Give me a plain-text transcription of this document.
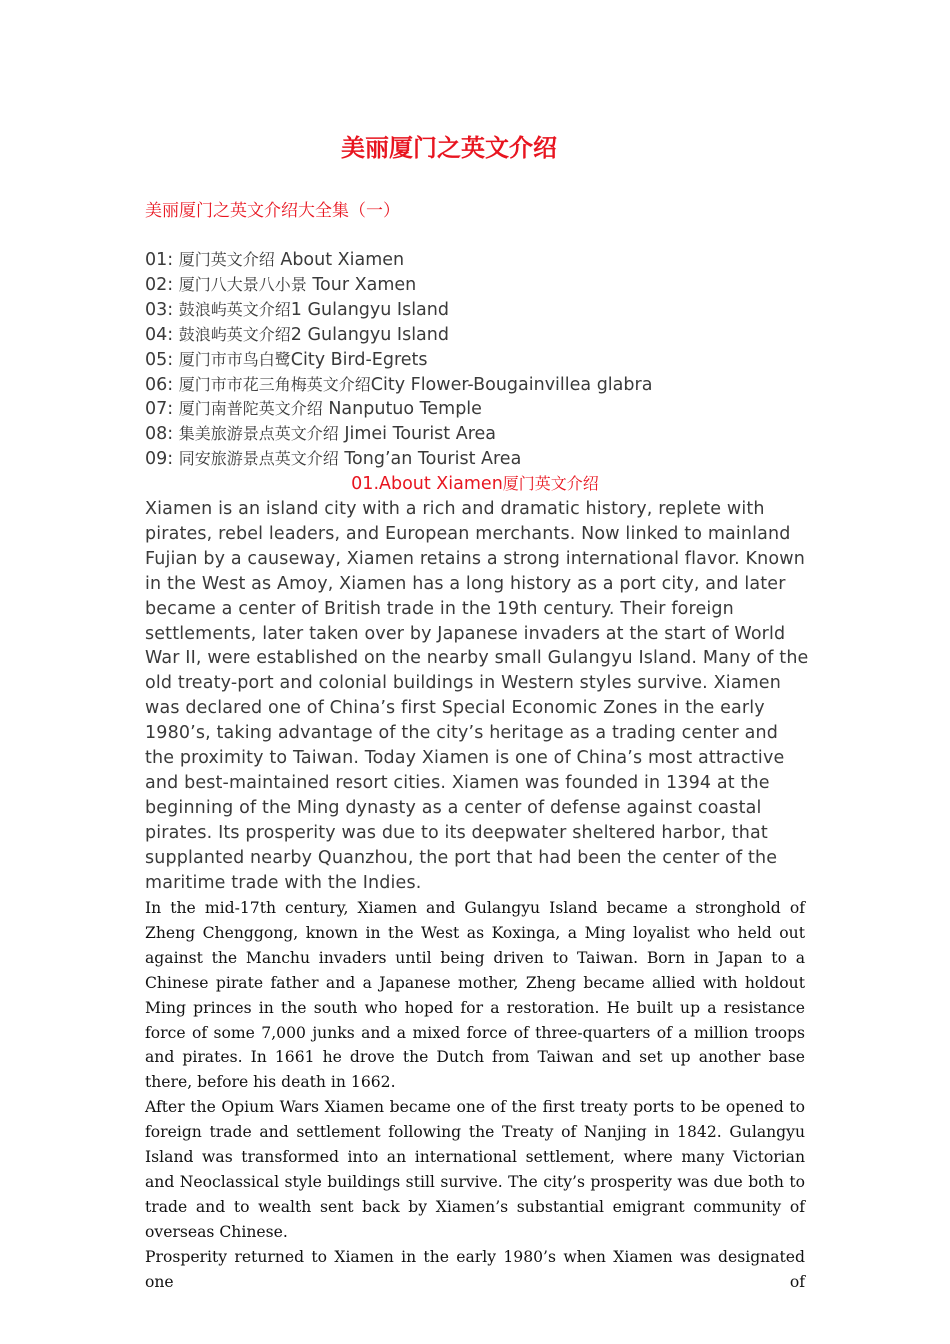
美丽厦门之英文介绍
美丽厦门之英文介绍大全集（一）
01: 厦门英文介绍 About Xiamen
02: 厦门八大景八小景 Tour Xamen
03: 鼓浪屿英文介绍1 Gulangyu Island
04: 鼓浪屿英文介绍2 Gulangyu Island
05: 厦门市市鸟白鹭City Bird-Egrets
06: 厦门市市花三角梅英文介绍City Flower-Bougainvillea glabra
07: 厦门南普陀英文介绍 Nanputuo Temple
08: 集美旅游景点英文介绍 Jimei Tourist Area
09: 同安旅游景点英文介绍 Tong’an Tourist Area
01.About Xiamen厦门英文介绍

Xiamen is an island city with a rich and dramatic history, replete with pirates, rebel leaders, and European merchants. Now linked to mainland Fujian by a causeway, Xiamen retains a strong international flavor. Known in the West as Amoy, Xiamen has a long history as a port city, and later became a center of British trade in the 19th century. Their foreign settlements, later taken over by Japanese invaders at the start of World War II, were established on the nearby small Gulangyu Island. Many of the old treaty-port and colonial buildings in Western styles survive. Xiamen was declared one of China’s first Special Economic Zones in the early 1980’s, taking advantage of the city’s heritage as a trading center and the proximity to Taiwan. Today Xiamen is one of China’s most attractive and best-maintained resort cities. Xiamen was founded in 1394 at the beginning of the Ming dynasty as a center of defense against coastal pirates. Its prosperity was due to its deepwater sheltered harbor, that supplanted nearby Quanzhou, the port that had been the center of the maritime trade with the Indies.

In the mid-17th century, Xiamen and Gulangyu Island became a stronghold of Zheng Chenggong, known in the West as Koxinga, a Ming loyalist who held out against the Manchu invaders until being driven to Taiwan. Born in Japan to a Chinese pirate father and a Japanese mother, Zheng became allied with holdout Ming princes in the south who hoped for a restoration. He built up a resistance force of some 7,000 junks and a mixed force of three-quarters of a million troops and pirates. In 1661 he drove the Dutch from Taiwan and set up another base there, before his death in 1662.

After the Opium Wars Xiamen became one of the first treaty ports to be opened to foreign trade and settlement following the Treaty of Nanjing in 1842. Gulangyu Island was transformed into an international settlement, where many Victorian and Neoclassical style buildings still survive. The city’s prosperity was due both to trade and to wealth sent back by Xiamen’s substantial emigrant community of overseas Chinese.

Prosperity returned to Xiamen in the early 1980’s when Xiamen was designated one of
